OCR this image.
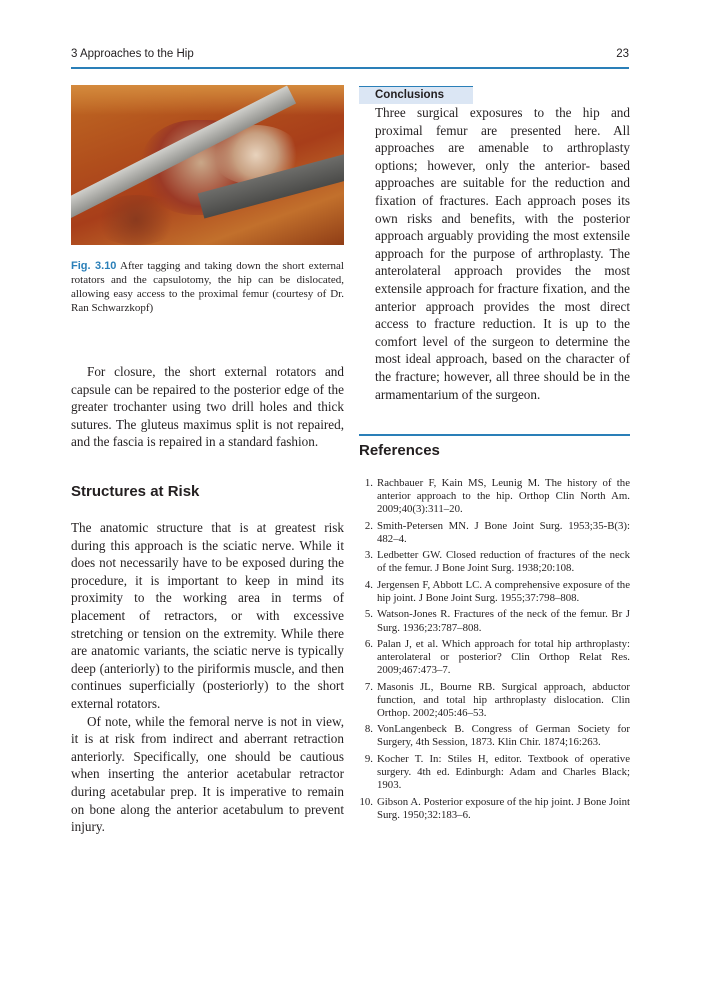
3 Approaches to the Hip	23
Fig. 3.10 After tagging and taking down the short external rotators and the capsulotomy, the hip can be dislocated, allowing easy access to the proximal femur (courtesy of Dr. Ran Schwarzkopf)

For closure, the short external rotators and capsule can be repaired to the posterior edge of the greater trochanter using two drill holes and thick sutures. The gluteus maximus split is not repaired, and the fascia is repaired in a standard fashion.

Structures at Risk

The anatomic structure that is at greatest risk during this approach is the sciatic nerve. While it does not necessarily have to be exposed during the procedure, it is important to keep in mind its proximity to the working area in terms of placement of retractors, or with excessive stretching or tension on the extremity. While there are anatomic variants, the sciatic nerve is typically deep (anteriorly) to the piriformis muscle, and then continues superficially (posteriorly) to the short external rotators.

Of note, while the femoral nerve is not in view, it is at risk from indirect and aberrant retraction anteriorly. Specifically, one should be cautious when inserting the anterior acetabular retractor during acetabular prep. It is imperative to remain on bone along the anterior acetabulum to prevent injury.

Conclusions

Three surgical exposures to the hip and proximal femur are presented here. All approaches are amenable to arthroplasty options; however, only the anterior- based approaches are suitable for the reduction and fixation of fractures. Each approach poses its own risks and benefits, with the posterior approach arguably providing the most extensile approach for the purpose of arthroplasty. The anterolateral approach provides the most extensile approach for fracture fixation, and the anterior approach provides the most direct access to fracture reduction. It is up to the comfort level of the surgeon to determine the most ideal approach, based on the character of the fracture; however, all three should be in the armamentarium of the surgeon.

References
1. Rachbauer F, Kain MS, Leunig M. The history of the anterior approach to the hip. Orthop Clin North Am. 2009;40(3):311–20.
2. Smith-Petersen MN. J Bone Joint Surg. 1953;35-B(3): 482–4.
3. Ledbetter GW. Closed reduction of fractures of the neck of the femur. J Bone Joint Surg. 1938;20:108.
4. Jergensen F, Abbott LC. A comprehensive exposure of the hip joint. J Bone Joint Surg. 1955;37:798–808.
5. Watson-Jones R. Fractures of the neck of the femur. Br J Surg. 1936;23:787–808.
6. Palan J, et al. Which approach for total hip arthroplasty: anterolateral or posterior? Clin Orthop Relat Res. 2009;467:473–7.
7. Masonis JL, Bourne RB. Surgical approach, abductor function, and total hip arthroplasty dislocation. Clin Orthop. 2002;405:46–53.
8. VonLangenbeck B. Congress of German Society for Surgery, 4th Session, 1873. Klin Chir. 1874;16:263.
9. Kocher T. In: Stiles H, editor. Textbook of operative surgery. 4th ed. Edinburgh: Adam and Charles Black; 1903.
10. Gibson A. Posterior exposure of the hip joint. J Bone Joint Surg. 1950;32:183–6.
